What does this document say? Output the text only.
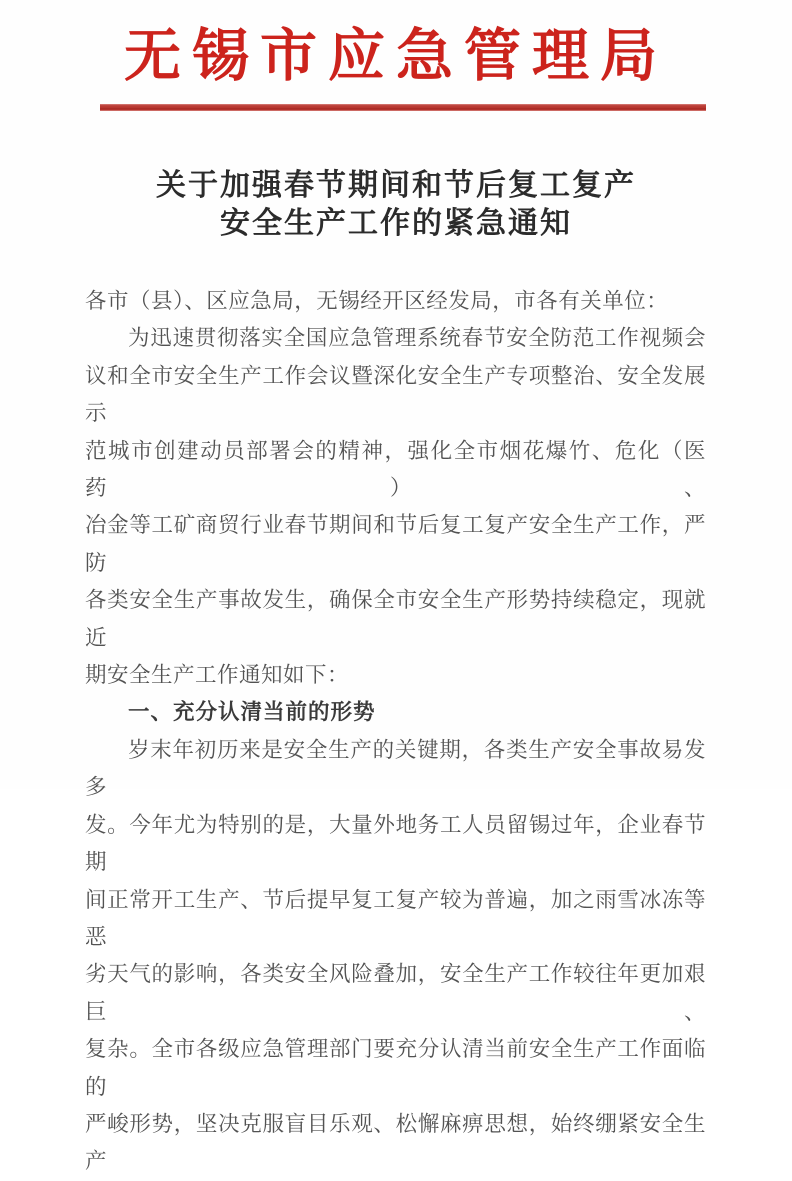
无锡市应急管理局
关于加强春节期间和节后复工复产
安全生产工作的紧急通知
各市（县）、区应急局，无锡经开区经发局，市各有关单位：
为迅速贯彻落实全国应急管理系统春节安全防范工作视频会
议和全市安全生产工作会议暨深化安全生产专项整治、安全发展示
范城市创建动员部署会的精神，强化全市烟花爆竹、危化（医药）、
冶金等工矿商贸行业春节期间和节后复工复产安全生产工作，严防
各类安全生产事故发生，确保全市安全生产形势持续稳定，现就近
期安全生产工作通知如下：
一、充分认清当前的形势
岁末年初历来是安全生产的关键期，各类生产安全事故易发多
发。今年尤为特别的是，大量外地务工人员留锡过年，企业春节期
间正常开工生产、节后提早复工复产较为普遍，加之雨雪冰冻等恶
劣天气的影响，各类安全风险叠加，安全生产工作较往年更加艰巨、
复杂。全市各级应急管理部门要充分认清当前安全生产工作面临的
严峻形势，坚决克服盲目乐观、松懈麻痹思想，始终绷紧安全生产
